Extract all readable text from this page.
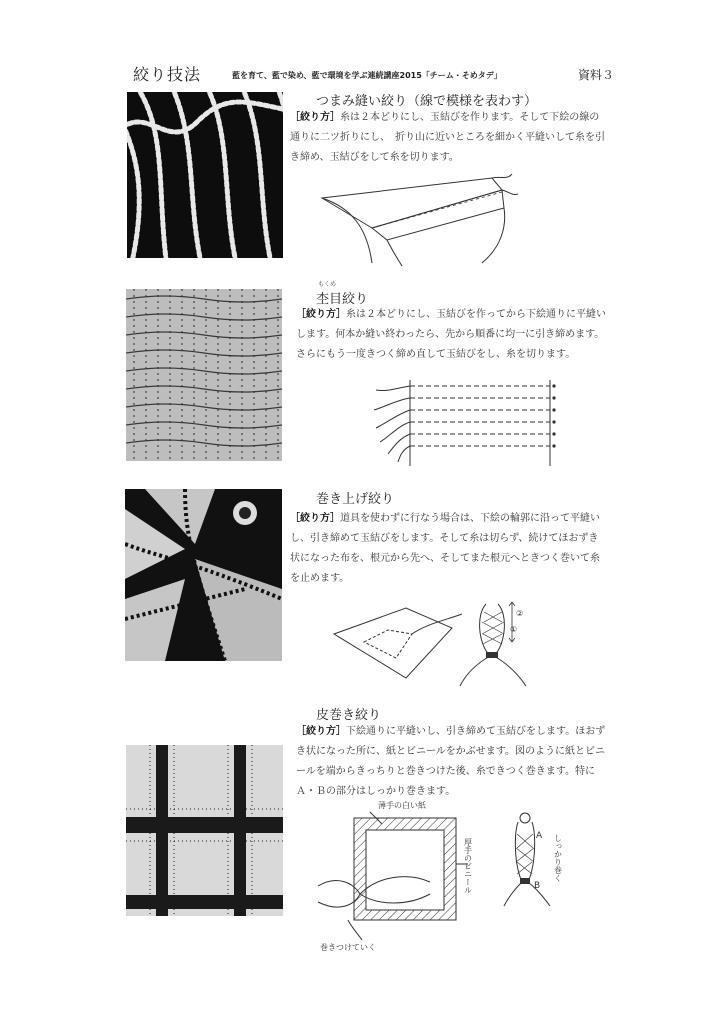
絞り技法	藍を育て、藍で染め、藍で環境を学ぶ連続講座2015「チーム・そめタデ」	資料３
つまみ縫い絞り（線で模様を表わす）
［絞り方］糸は２本どりにし、玉結びを作ります。そして下絵の線の通りに二ツ折りにし、　折り山に近いところを細かく平縫いして糸を引き締め、玉結びをして糸を切ります。
もくめ
杢目絞り
［絞り方］糸は２本どりにし、玉結びを作ってから下絵通りに平縫いします。何本か縫い終わったら、先から順番に均一に引き締めます。さらにもう一度きつく締め直して玉結びをし、糸を切ります。
巻き上げ絞り
［絞り方］道具を使わずに行なう場合は、下絵の輪郭に沿って平縫いし、引き締めて玉結びをします。そして糸は切らず、続けてほおずき状になった布を、根元から先へ、そしてまた根元へときつく巻いて糸を止めます。
②
①
皮巻き絞り
［絞り方］下絵通りに平縫いし、引き締めて玉結びをします。ほおずき状になった所に、紙とビニールをかぶせます。図のように紙とビニールを端からきっちりと巻きつけた後、糸できつく巻きます。特にＡ・Ｂの部分はしっかり巻きます。
薄手の白い紙
巻きつけていく
厚手のビニール
A
B
しっかり巻く
